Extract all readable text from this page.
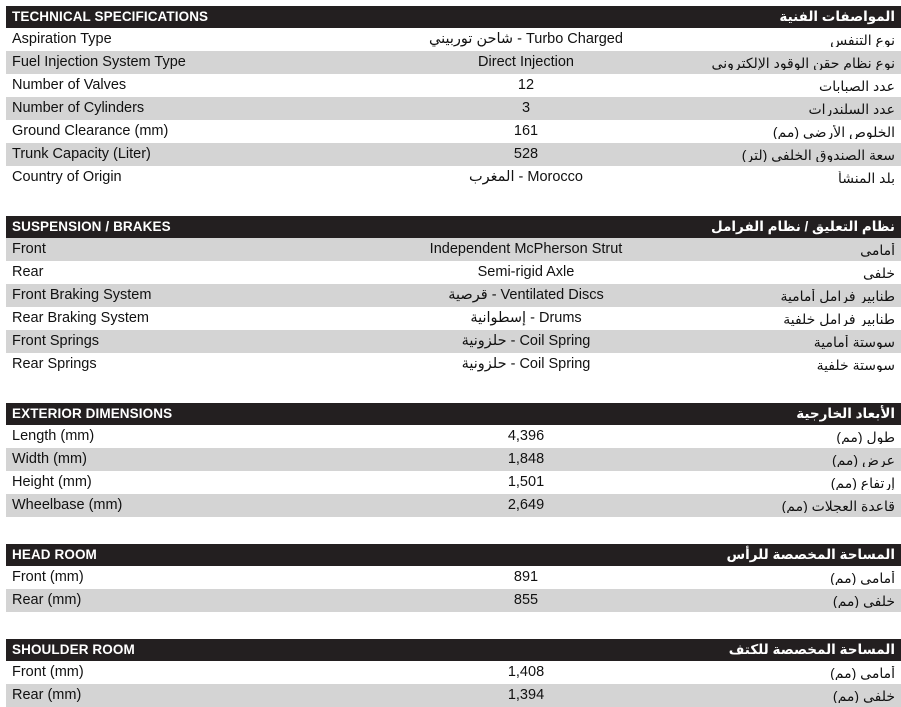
TECHNICAL SPECIFICATIONS	المواصفات الفنية
Aspiration Type	Turbo Charged - شاحن توربيني	نوع التنفس
Fuel Injection System Type	Direct Injection	نوع نظام حقن الوقود الإلكتروني
Number of Valves	12	عدد الصبابات
Number of Cylinders	3	عدد السلندرات
Ground Clearance (mm)	161	الخلوص الأرضي (مم)
Trunk Capacity (Liter)	528	سعة الصندوق الخلفي (لتر)
Country of Origin	Morocco - المغرب	بلد المنشأ
SUSPENSION / BRAKES	نظام التعليق / نظام الفرامل
Front	Independent McPherson Strut	أمامي
Rear	Semi-rigid Axle	خلفي
Front Braking System	Ventilated Discs - قرصية	طنابير فرامل أمامية
Rear Braking System	Drums - إسطوانية	طنابير فرامل خلفية
Front Springs	Coil Spring - حلزونية	سوستة أمامية
Rear Springs	Coil Spring - حلزونية	سوستة خلفية
EXTERIOR DIMENSIONS	الأبعاد الخارجية
Length (mm)	4,396	طول (مم)
Width (mm)	1,848	عرض (مم)
Height (mm)	1,501	إرتفاع (مم)
Wheelbase (mm)	2,649	قاعدة العجلات (مم)
HEAD ROOM	المساحة المخصصة للرأس
Front (mm)	891	أمامي (مم)
Rear (mm)	855	خلفي (مم)
SHOULDER ROOM	المساحة المخصصة للكتف
Front (mm)	1,408	أمامي (مم)
Rear (mm)	1,394	خلفي (مم)
